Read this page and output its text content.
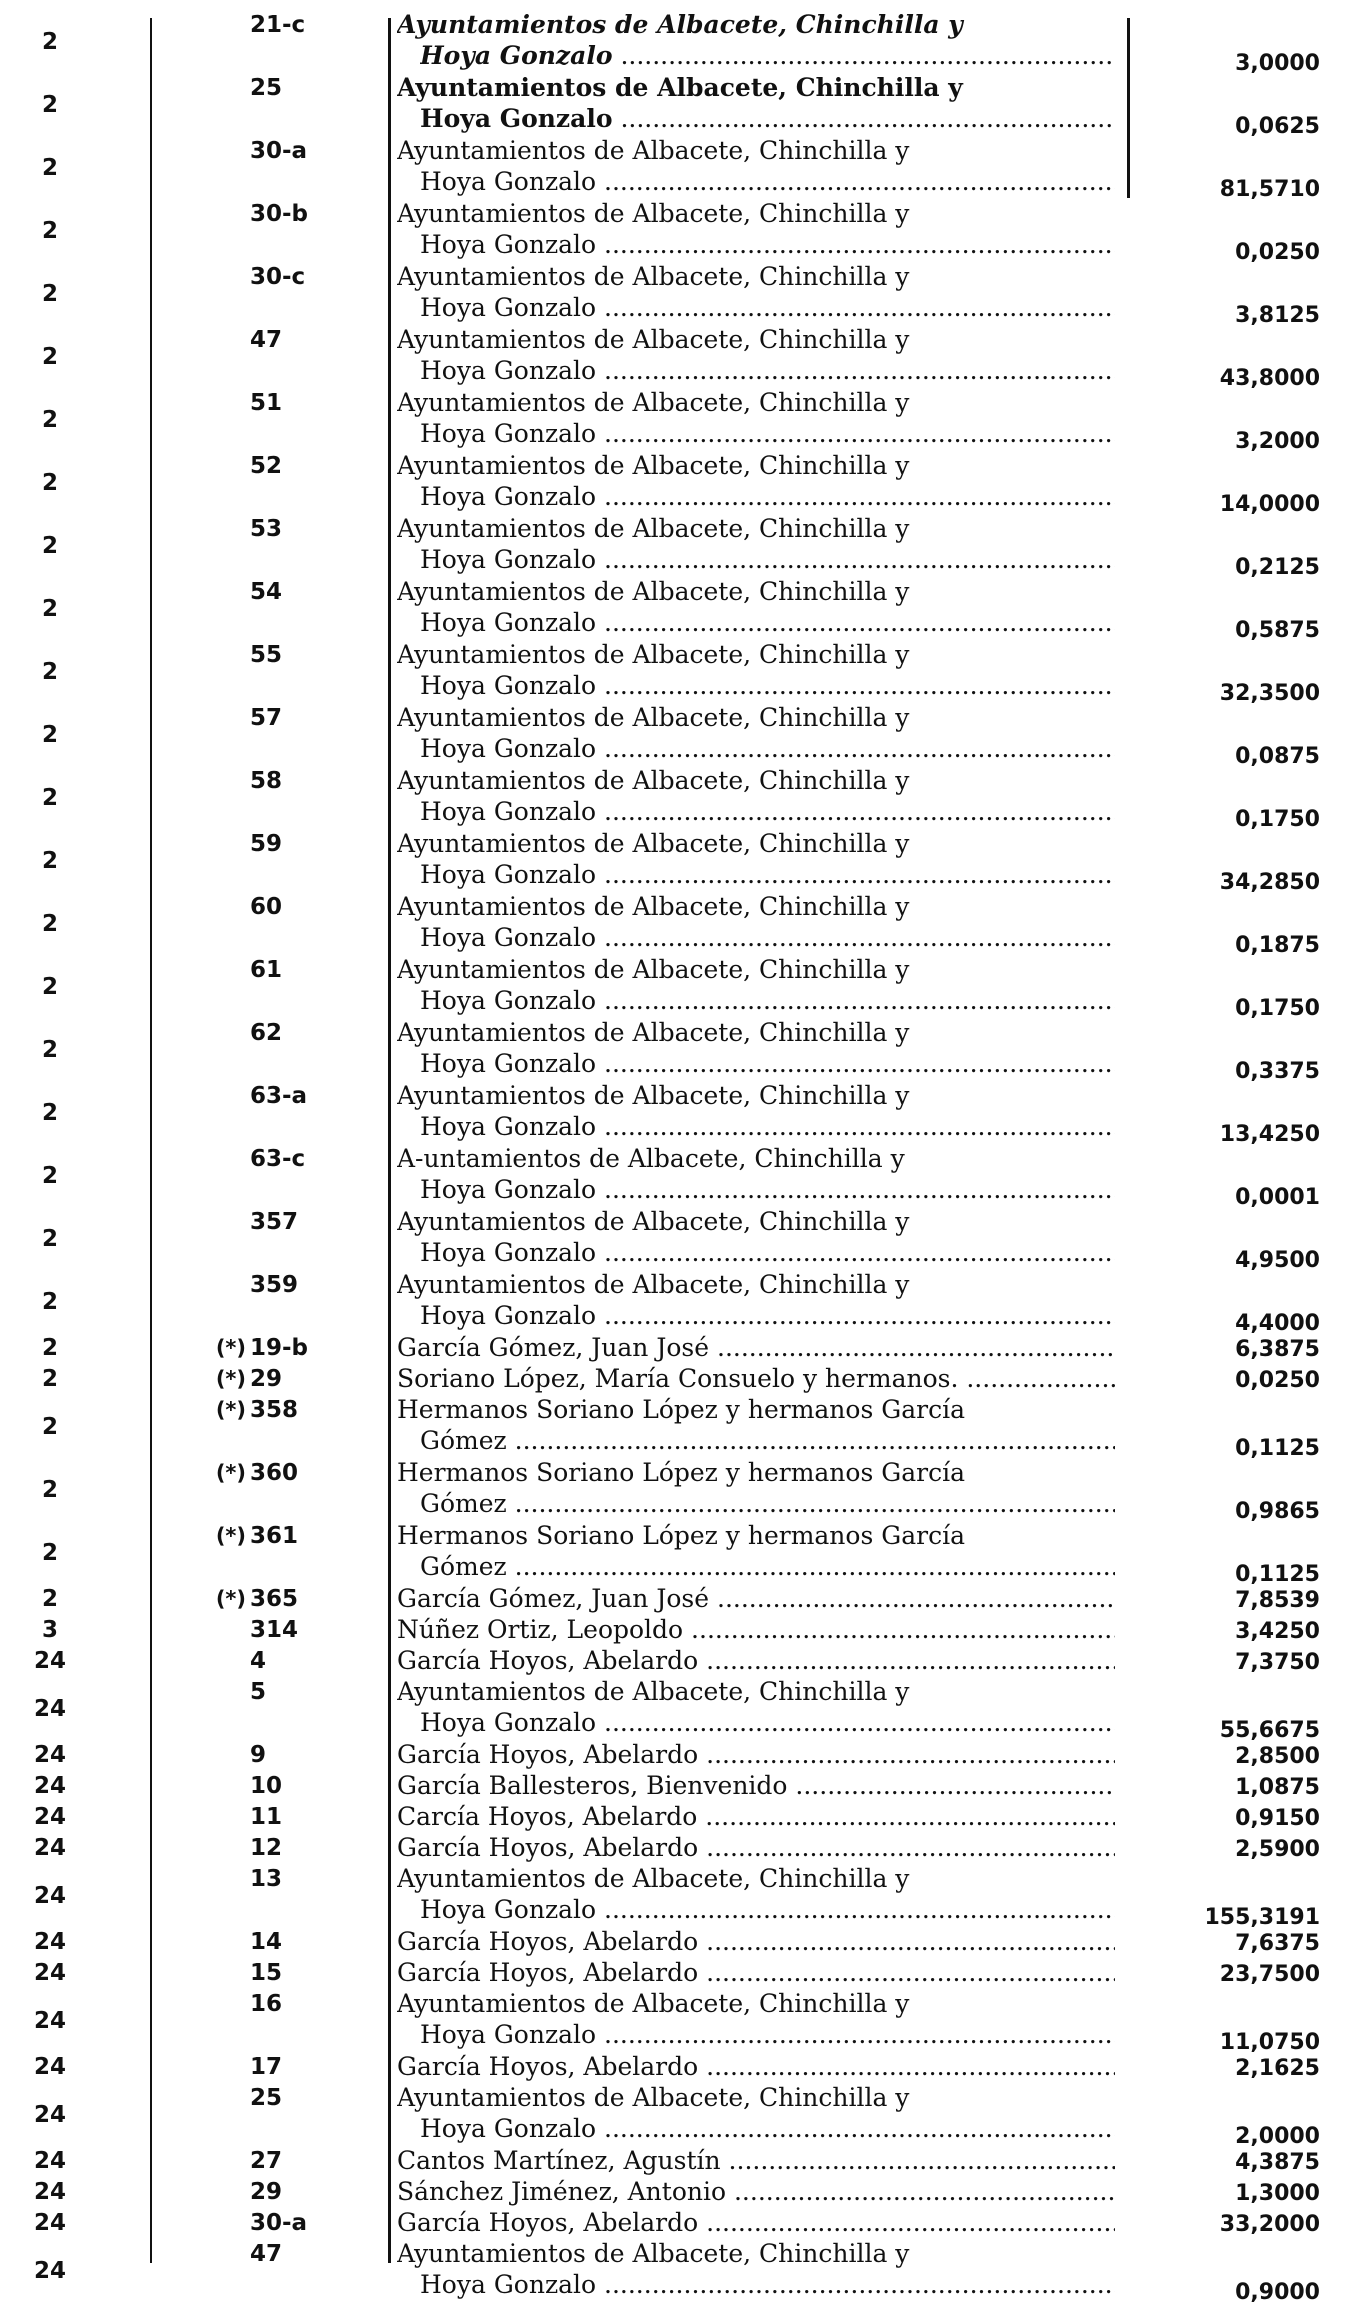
2
21-c	Ayuntamientos de Albacete, Chinchilla y
Hoya Gonzalo .....	3,0000
2
25	Ayuntamientos de Albacete, Chinchilla y
Hoya Gonzalo .....	0,0625
2
30-a	Ayuntamientos de Albacete, Chinchilla y
Hoya Gonzalo .....	81,5710
2
30-b	Ayuntamientos de Albacete, Chinchilla y
Hoya Gonzalo .....	0,0250
2
30-c	Ayuntamientos de Albacete, Chinchilla y
Hoya Gonzalo .....	3,8125
2
47	Ayuntamientos de Albacete, Chinchilla y
Hoya Gonzalo .....	43,8000
2
51	Ayuntamientos de Albacete, Chinchilla y
Hoya Gonzalo .....	3,2000
2
52	Ayuntamientos de Albacete, Chinchilla y
Hoya Gonzalo .....	14,0000
2
53	Ayuntamientos de Albacete, Chinchilla y
Hoya Gonzalo .....	0,2125
2
54	Ayuntamientos de Albacete, Chinchilla y
Hoya Gonzalo .....	0,5875
2
55	Ayuntamientos de Albacete, Chinchilla y
Hoya Gonzalo .....	32,3500
2
57	Ayuntamientos de Albacete, Chinchilla y
Hoya Gonzalo .....	0,0875
2
58	Ayuntamientos de Albacete, Chinchilla y
Hoya Gonzalo .....	0,1750
2
59	Ayuntamientos de Albacete, Chinchilla y
Hoya Gonzalo .....	34,2850
2
60	Ayuntamientos de Albacete, Chinchilla y
Hoya Gonzalo .....	0,1875
2
61	Ayuntamientos de Albacete, Chinchilla y
Hoya Gonzalo .....	0,1750
2
62	Ayuntamientos de Albacete, Chinchilla y
Hoya Gonzalo .....	0,3375
2
63-a	Ayuntamientos de Albacete, Chinchilla y
Hoya Gonzalo .....	13,4250
2
63-c	A-untamientos de Albacete, Chinchilla y
Hoya Gonzalo .....	0,0001
2
357	Ayuntamientos de Albacete, Chinchilla y
Hoya Gonzalo .....	4,9500
2
359	Ayuntamientos de Albacete, Chinchilla y
Hoya Gonzalo .....	4,4000
2	(*) 19-b	García Gómez, Juan José .....	6,3875
2	(*) 29	Soriano López, María Consuelo y hermanos. .....	0,0250
2
(*) 358	Hermanos Soriano López y hermanos García
Gómez .....	0,1125
2
(*) 360	Hermanos Soriano López y hermanos García
Gómez .....	0,9865
2
(*) 361	Hermanos Soriano López y hermanos García
Gómez .....	0,1125
2	(*) 365	García Gómez, Juan José .....	7,8539
3	314	Núñez Ortiz, Leopoldo .....	3,4250
24	4	García Hoyos, Abelardo .....	7,3750
24
5	Ayuntamientos de Albacete, Chinchilla y
Hoya Gonzalo .....	55,6675
24	9	García Hoyos, Abelardo .....	2,8500
24	10	García Ballesteros, Bienvenido .....	1,0875
24	11	Carcía Hoyos, Abelardo .....	0,9150
24	12	García Hoyos, Abelardo .....	2,5900
24
13	Ayuntamientos de Albacete, Chinchilla y
Hoya Gonzalo .....	155,3191
24	14	García Hoyos, Abelardo .....	7,6375
24	15	García Hoyos, Abelardo .....	23,7500
24
16	Ayuntamientos de Albacete, Chinchilla y
Hoya Gonzalo .....	11,0750
24	17	García Hoyos, Abelardo .....	2,1625
24
25	Ayuntamientos de Albacete, Chinchilla y
Hoya Gonzalo .....	2,0000
24	27	Cantos Martínez, Agustín .....	4,3875
24	29	Sánchez Jiménez, Antonio .....	1,3000
24	30-a	García Hoyos, Abelardo .....	33,2000
24
47	Ayuntamientos de Albacete, Chinchilla y
Hoya Gonzalo .....	0,9000
